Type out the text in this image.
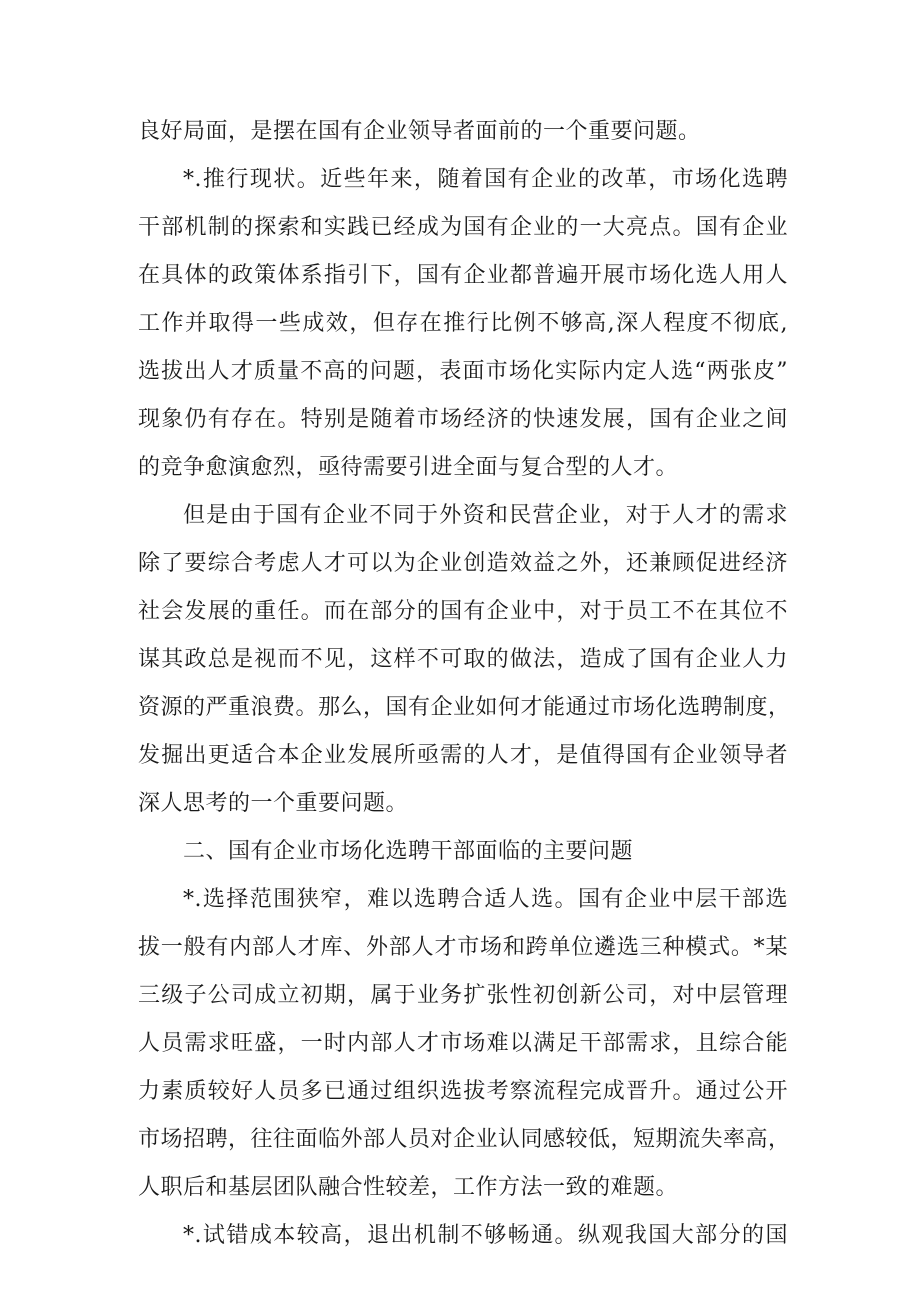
良好局面，是摆在国有企业领导者面前的一个重要问题。
*.推行现状。近些年来，随着国有企业的改革，市场化选聘
干部机制的探索和实践已经成为国有企业的一大亮点。国有企业
在具体的政策体系指引下，国有企业都普遍开展市场化选人用人
工作并取得一些成效，但存在推行比例不够高,深人程度不彻底,
选拔出人才质量不高的问题，表面市场化实际内定人选“两张皮”
现象仍有存在。特别是随着市场经济的快速发展，国有企业之间
的竞争愈演愈烈，亟待需要引进全面与复合型的人才。
但是由于国有企业不同于外资和民营企业，对于人才的需求
除了要综合考虑人才可以为企业创造效益之外，还兼顾促进经济
社会发展的重任。而在部分的国有企业中，对于员工不在其位不
谋其政总是视而不见，这样不可取的做法，造成了国有企业人力
资源的严重浪费。那么，国有企业如何才能通过市场化选聘制度，
发掘出更适合本企业发展所亟需的人才，是值得国有企业领导者
深人思考的一个重要问题。
二、国有企业市场化选聘干部面临的主要问题
*.选择范围狭窄，难以选聘合适人选。国有企业中层干部选
拔一般有内部人才库、外部人才市场和跨单位遴选三种模式。*某
三级子公司成立初期，属于业务扩张性初创新公司，对中层管理
人员需求旺盛，一时内部人才市场难以满足干部需求，且综合能
力素质较好人员多已通过组织选拔考察流程完成晋升。通过公开
市场招聘，往往面临外部人员对企业认同感较低，短期流失率高，
人职后和基层团队融合性较差，工作方法一致的难题。
*.试错成本较高，退出机制不够畅通。纵观我国大部分的国
